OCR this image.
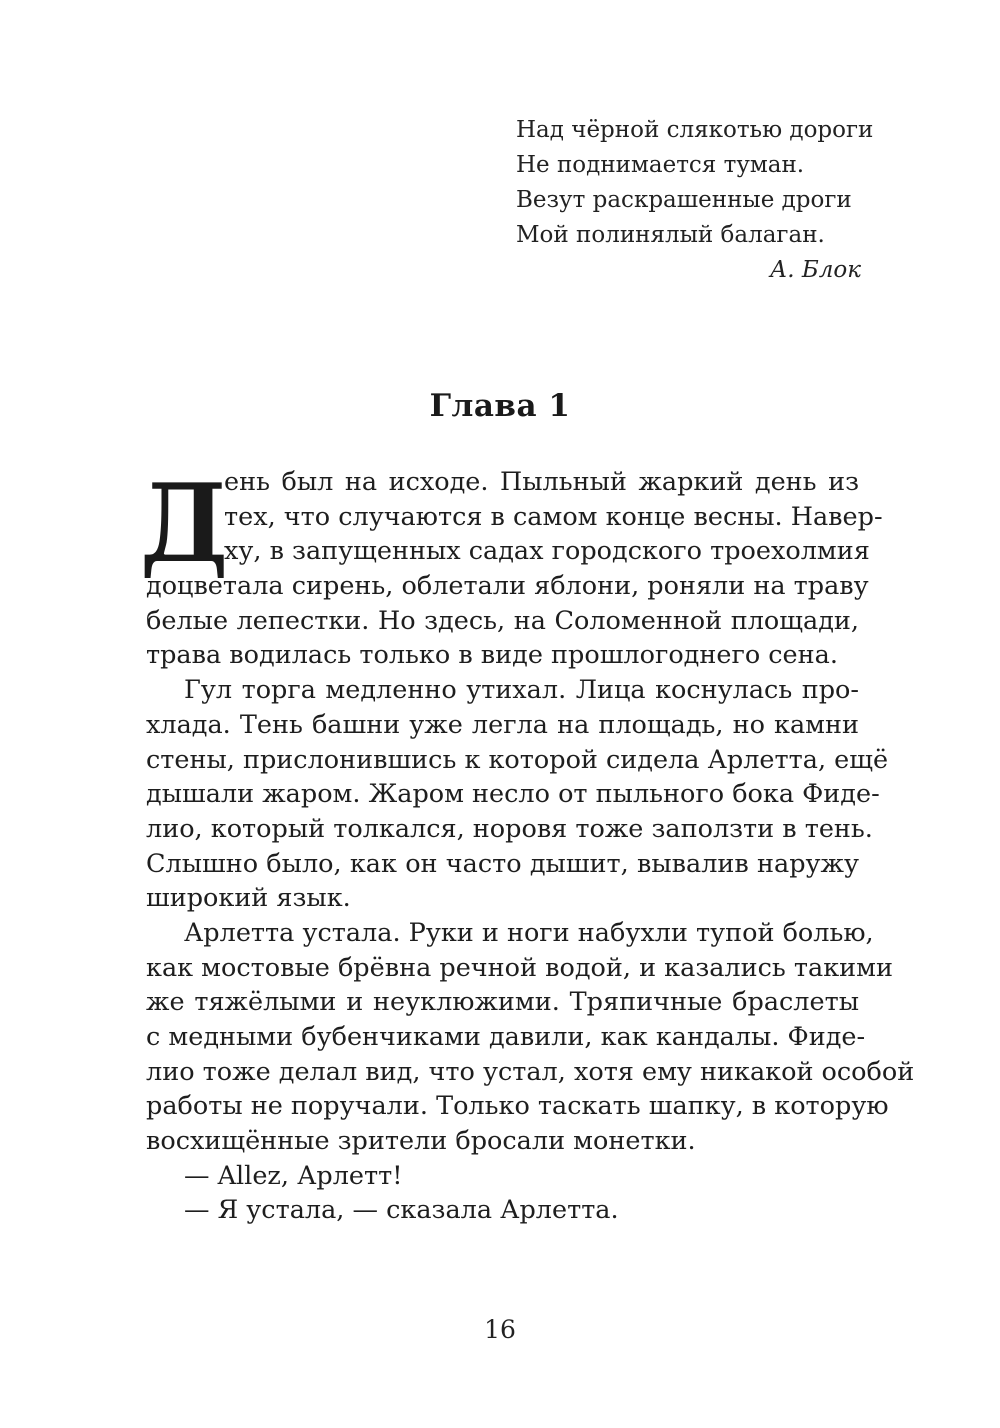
Над чёрной слякотью дороги
Не поднимается туман.
Везут раскрашенные дроги
Мой полинялый балаган.
А. Блок
Глава 1
Д
ень был на исходе. Пыльный жаркий день из
тех, что случаются в самом конце весны. Навер-
ху, в запущенных садах городского троехолмия
доцветала сирень, облетали яблони, роняли на траву
белые лепестки. Но здесь, на Соломенной площади,
трава водилась только в виде прошлогоднего сена.
Гул торга медленно утихал. Лица коснулась про-
хлада. Тень башни уже легла на площадь, но камни
стены, прислонившись к которой сидела Арлетта, ещё
дышали жаром. Жаром несло от пыльного бока Фиде-
лио, который толкался, норовя тоже заползти в тень.
Слышно было, как он часто дышит, вывалив наружу
широкий язык.
Арлетта устала. Руки и ноги набухли тупой болью,
как мостовые брёвна речной водой, и казались такими
же тяжёлыми и неуклюжими. Тряпичные браслеты
с медными бубенчиками давили, как кандалы. Фиде-
лио тоже делал вид, что устал, хотя ему никакой особой
работы не поручали. Только таскать шапку, в которую
восхищённые зрители бросали монетки.
— Allez, Арлетт!
— Я устала, — сказала Арлетта.
16
